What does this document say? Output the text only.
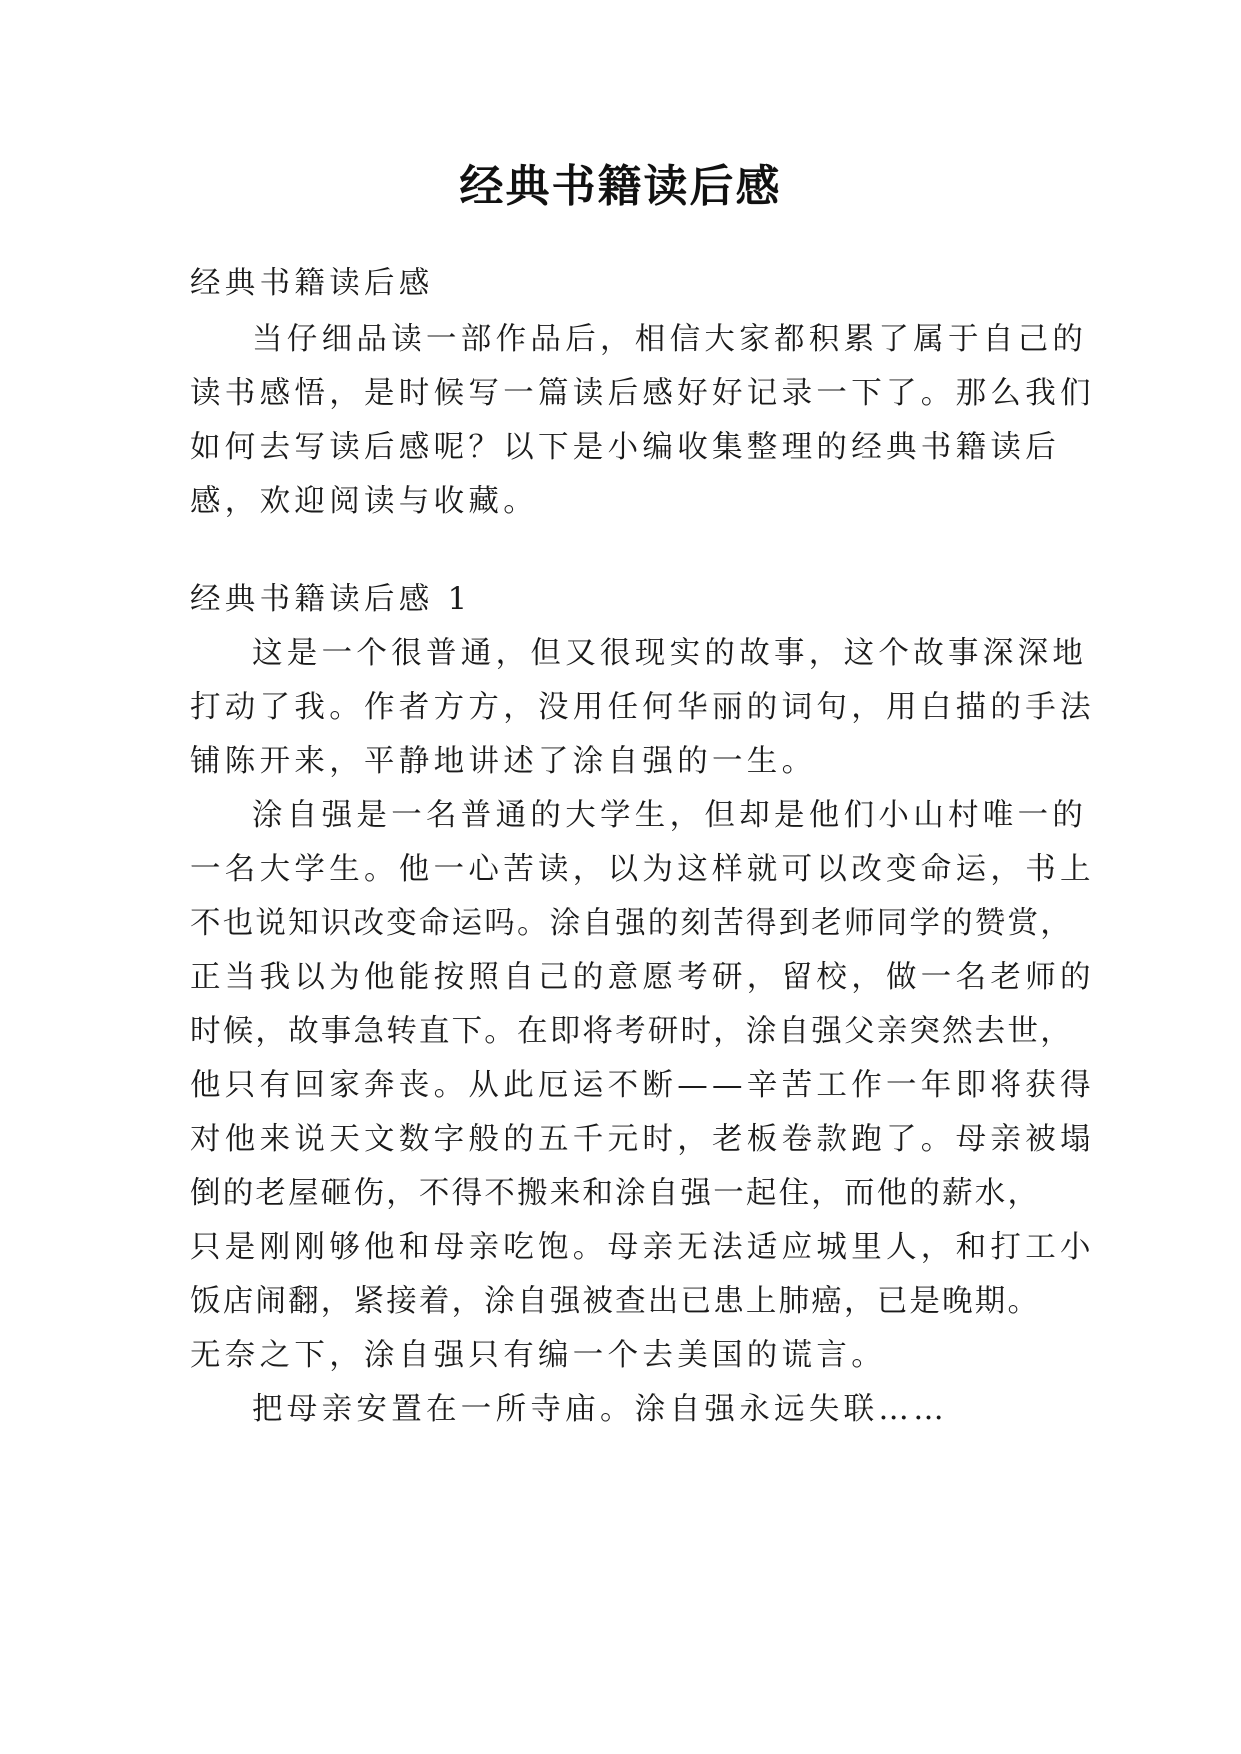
经典书籍读后感
经典书籍读后感
当仔细品读一部作品后，相信大家都积累了属于自己的
读书感悟，是时候写一篇读后感好好记录一下了。那么我们
如何去写读后感呢？以下是小编收集整理的经典书籍读后
感，欢迎阅读与收藏。
经典书籍读后感 1
这是一个很普通，但又很现实的故事，这个故事深深地
打动了我。作者方方，没用任何华丽的词句，用白描的手法
铺陈开来，平静地讲述了涂自强的一生。
涂自强是一名普通的大学生，但却是他们小山村唯一的
一名大学生。他一心苦读，以为这样就可以改变命运，书上
不也说知识改变命运吗。涂自强的刻苦得到老师同学的赞赏，
正当我以为他能按照自己的意愿考研，留校，做一名老师的
时候，故事急转直下。在即将考研时，涂自强父亲突然去世，
他只有回家奔丧。从此厄运不断——辛苦工作一年即将获得
对他来说天文数字般的五千元时，老板卷款跑了。母亲被塌
倒的老屋砸伤，不得不搬来和涂自强一起住，而他的薪水，
只是刚刚够他和母亲吃饱。母亲无法适应城里人，和打工小
饭店闹翻，紧接着，涂自强被查出已患上肺癌，已是晚期。
无奈之下，涂自强只有编一个去美国的谎言。
把母亲安置在一所寺庙。涂自强永远失联……
